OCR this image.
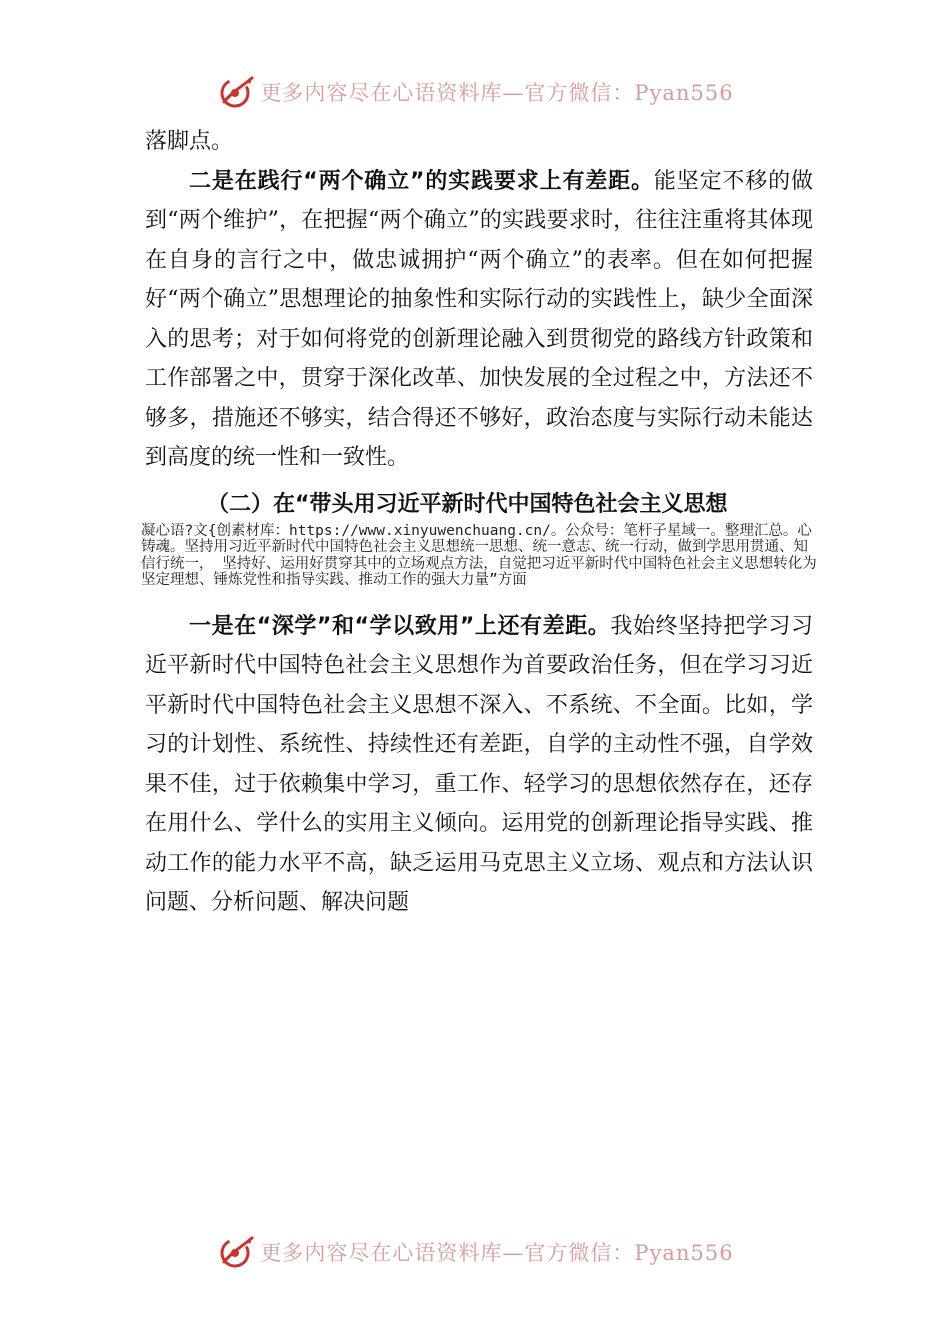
更多内容尽在心语资料库—官方微信：Pyan556

落脚点。

二是在践行“两个确立”的实践要求上有差距。能坚定不移的做到“两个维护”，在把握“两个确立”的实践要求时，往往注重将其体现在自身的言行之中，做忠诚拥护“两个确立”的表率。但在如何把握好“两个确立”思想理论的抽象性和实际行动的实践性上，缺少全面深入的思考；对于如何将党的创新理论融入到贯彻党的路线方针政策和工作部署之中，贯穿于深化改革、加快发展的全过程之中，方法还不够多，措施还不够实，结合得还不够好，政治态度与实际行动未能达到高度的统一性和一致性。

（二）在“带头用习近平新时代中国特色社会主义思想

凝心语?文{创素材库：https://www.xinyuwenchuang.cn/。公众号：笔杆子星域一。整理汇总。心铸魂。坚持用习近平新时代中国特色社会主义思想统一思想、统一意志、统一行动，做到学思用贯通、知信行统一， 坚持好、运用好贯穿其中的立场观点方法，自觉把习近平新时代中国特色社会主义思想转化为坚定理想、锤炼党性和指导实践、推动工作的强大力量”方面

一是在“深学”和“学以致用”上还有差距。我始终坚持把学习习近平新时代中国特色社会主义思想作为首要政治任务，但在学习习近平新时代中国特色社会主义思想不深入、不系统、不全面。比如，学习的计划性、系统性、持续性还有差距，自学的主动性不强，自学效果不佳，过于依赖集中学习，重工作、轻学习的思想依然存在，还存在用什么、学什么的实用主义倾向。运用党的创新理论指导实践、推动工作的能力水平不高，缺乏运用马克思主义立场、观点和方法认识问题、分析问题、解决问题

更多内容尽在心语资料库—官方微信：Pyan556
